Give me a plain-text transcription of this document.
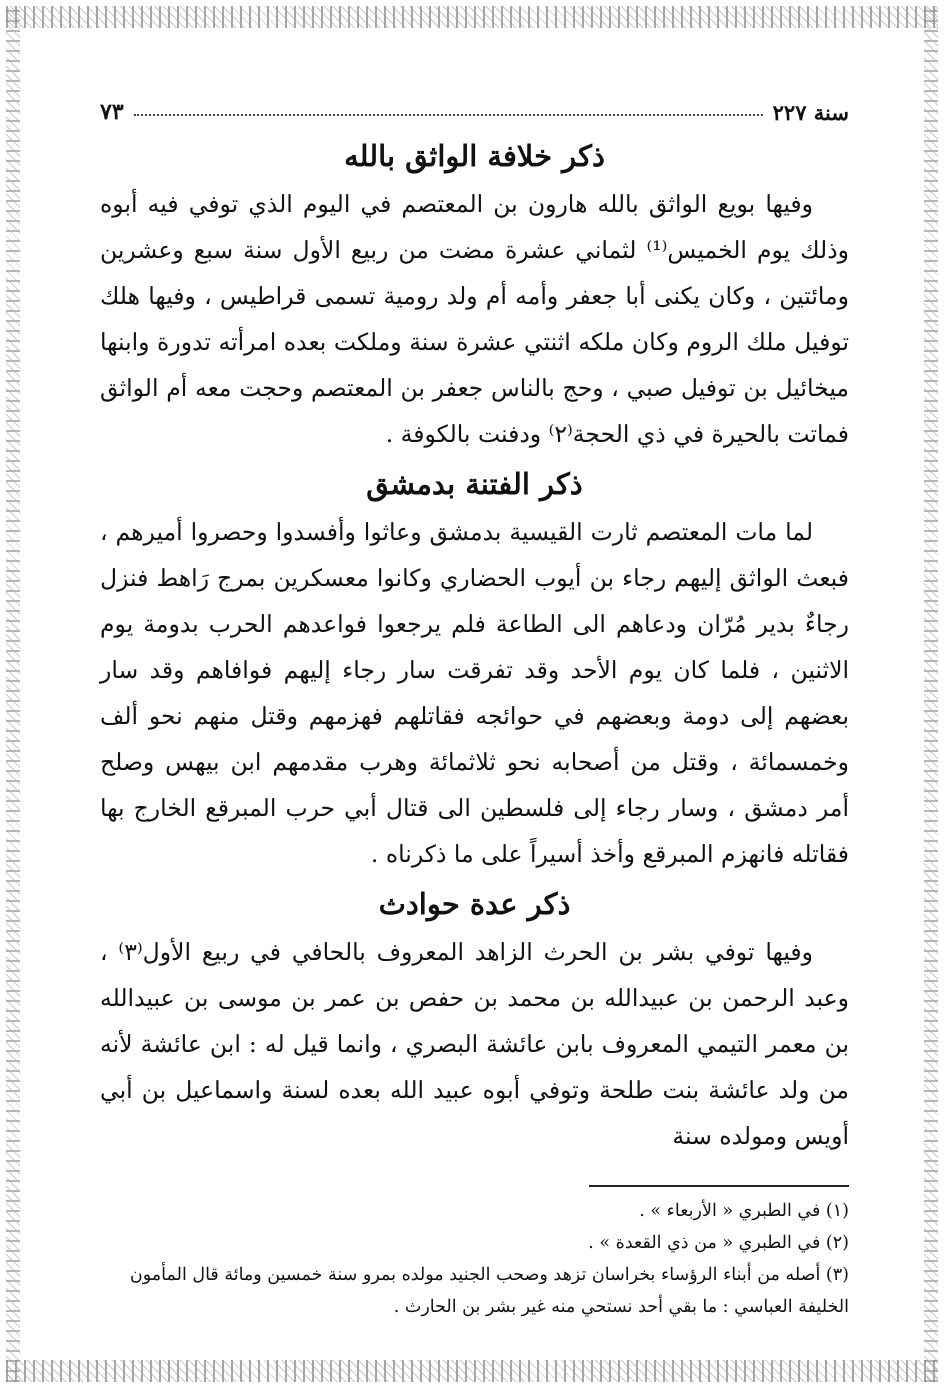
سنة ٢٢٧
٧٣
ذكر خلافة الواثق بالله

وفيها بويع الواثق بالله هارون بن المعتصم في اليوم الذي توفي فيه أبوه وذلك يوم الخميس⁽¹⁾ لثماني عشرة مضت من ربيع الأول سنة سبع وعشرين ومائتين ، وكان يكنى أبا جعفر وأمه أم ولد رومية تسمى قراطيس ، وفيها هلك توفيل ملك الروم وكان ملكه اثنتي عشرة سنة وملكت بعده امرأته تدورة وابنها ميخائيل بن توفيل صبي ، وحج بالناس جعفر بن المعتصم وحجت معه أم الواثق فماتت بالحيرة في ذي الحجة⁽٢⁾ ودفنت بالكوفة .

ذكر الفتنة بدمشق

لما مات المعتصم ثارت القيسية بدمشق وعاثوا وأفسدوا وحصروا أميرهم ، فبعث الواثق إليهم رجاء بن أيوب الحضاري وكانوا معسكرين بمرج رَاهط فنزل رجاءٌ بدير مُرّان ودعاهم الى الطاعة فلم يرجعوا فواعدهم الحرب بدومة يوم الاثنين ، فلما كان يوم الأحد وقد تفرقت سار رجاء إليهم فوافاهم وقد سار بعضهم إلى دومة وبعضهم في حوائجه فقاتلهم فهزمهم وقتل منهم نحو ألف وخمسمائة ، وقتل من أصحابه نحو ثلاثمائة وهرب مقدمهم ابن بيهس وصلح أمر دمشق ، وسار رجاء إلى فلسطين الى قتال أبي حرب المبرقع الخارج بها فقاتله فانهزم المبرقع وأخذ أسيراً على ما ذكرناه .

ذكر عدة حوادث

وفيها توفي بشر بن الحرث الزاهد المعروف بالحافي في ربيع الأول⁽٣⁾ ، وعبد الرحمن بن عبيدالله بن محمد بن حفص بن عمر بن موسى بن عبيدالله بن معمر التيمي المعروف بابن عائشة البصري ، وانما قيل له : ابن عائشة لأنه من ولد عائشة بنت طلحة وتوفي أبوه عبيد الله بعده لسنة واسماعيل بن أبي أويس ومولده سنة

(١) في الطبري « الأربعاء » .
(٢) في الطبري « من ذي القعدة » .
(٣) أصله من أبناء الرؤساء بخراسان تزهد وصحب الجنيد مولده بمرو سنة خمسين ومائة قال المأمون الخليفة العباسي : ما بقي أحد نستحي منه غير بشر بن الحارث .
